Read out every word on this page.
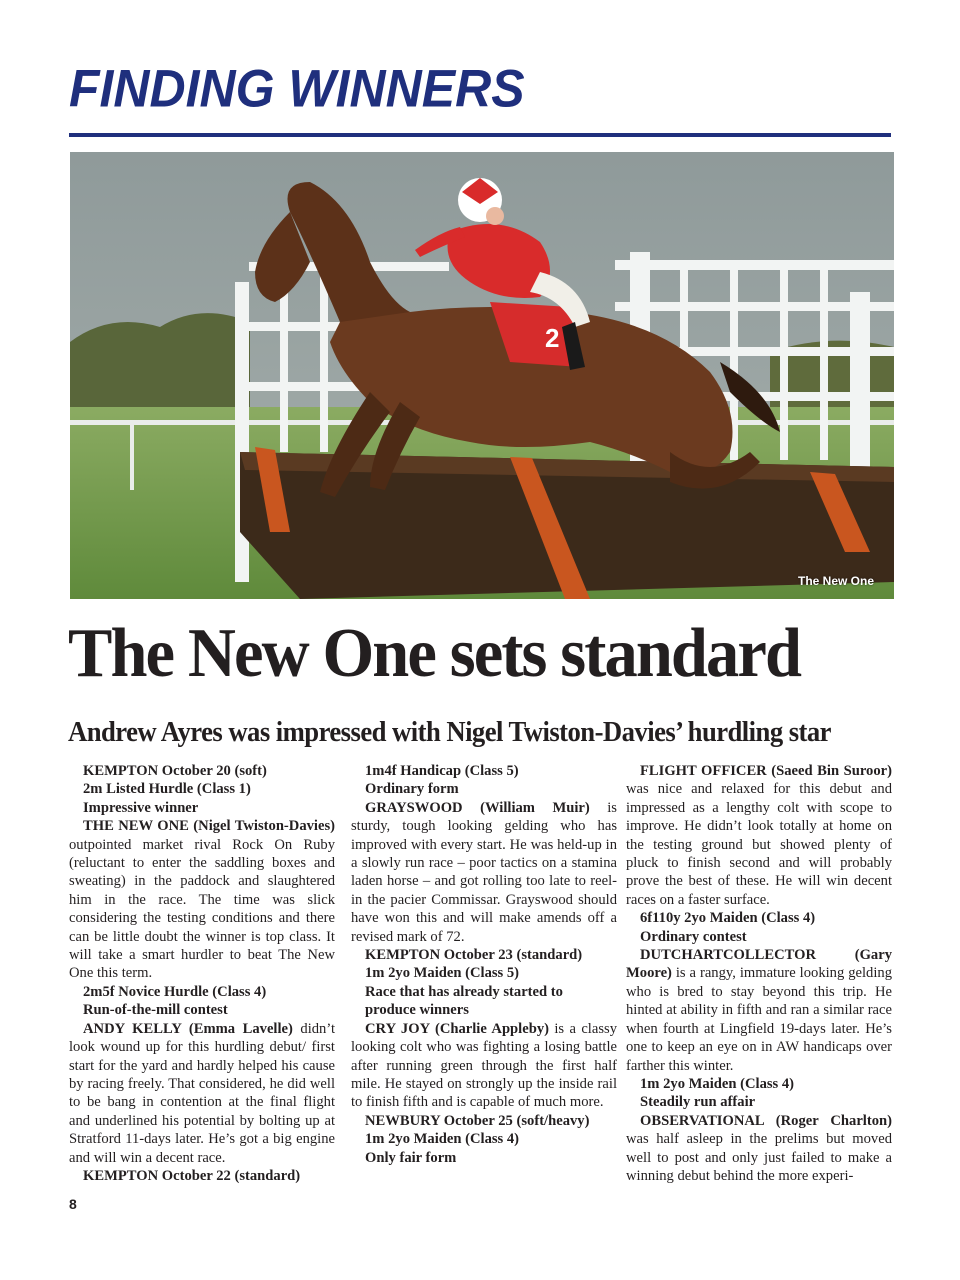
FINDING WINNERS
2
The New One
The New One sets standard
Andrew Ayres was impressed with Nigel Twiston-Davies’ hurdling star

KEMPTON October 20 (soft)

2m Listed Hurdle (Class 1)

Impressive winner

THE NEW ONE (Nigel Twiston-Davies) outpointed market rival Rock On Ruby (reluctant to enter the saddling boxes and sweating) in the paddock and slaughtered him in the race. The time was slick considering the testing conditions and there can be little doubt the winner is top class. It will take a smart hurdler to beat The New One this term.

2m5f Novice Hurdle (Class 4)

Run-of-the-mill contest

ANDY KELLY (Emma Lavelle) didn’t look wound up for this hurdling debut/ first start for the yard and hardly helped his cause by racing freely. That considered, he did well to be bang in contention at the final flight and underlined his potential by bolting up at Stratford 11-days later. He’s got a big engine and will win a decent race.

KEMPTON October 22 (standard)

1m4f Handicap (Class 5)

Ordinary form

GRAYSWOOD (William Muir) is sturdy, tough looking gelding who has improved with every start. He was held-up in a slowly run race – poor tactics on a stamina laden horse – and got rolling too late to reel-in the pacier Commissar. Grayswood should have won this and will make amends off a revised mark of 72.

KEMPTON October 23 (standard)

1m 2yo Maiden (Class 5)

Race that has already started to produce winners

CRY JOY (Charlie Appleby) is a classy looking colt who was fighting a losing battle after running green through the first half mile. He stayed on strongly up the inside rail to finish fifth and is capable of much more.

NEWBURY October 25 (soft/heavy)

1m 2yo Maiden (Class 4)

Only fair form

FLIGHT OFFICER (Saeed Bin Suroor) was nice and relaxed for this debut and impressed as a lengthy colt with scope to improve. He didn’t look totally at home on the testing ground but showed plenty of pluck to finish second and will probably prove the best of these. He will win decent races on a faster surface.

6f110y 2yo Maiden (Class 4)

Ordinary contest

DUTCHARTCOLLECTOR (Gary Moore) is a rangy, immature looking gelding who is bred to stay beyond this trip. He hinted at ability in fifth and ran a similar race when fourth at Lingfield 19-days later. He’s one to keep an eye on in AW handicaps over farther this winter.

1m 2yo Maiden (Class 4)

Steadily run affair

OBSERVATIONAL (Roger Charlton) was half asleep in the prelims but moved well to post and only just failed to make a winning debut behind the more experi-

8
